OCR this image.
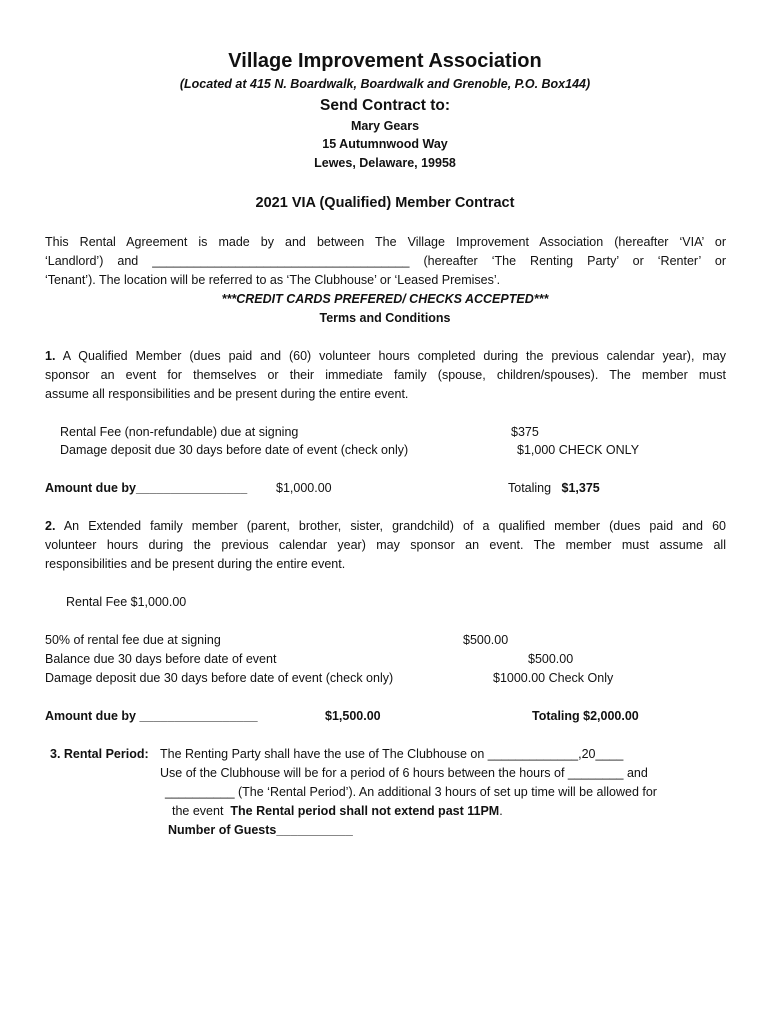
Village Improvement Association
(Located at 415 N. Boardwalk, Boardwalk and Grenoble, P.O. Box144)
Send Contract to:
Mary Gears
15 Autumnwood Way
Lewes, Delaware, 19958
2021 VIA (Qualified) Member Contract
This Rental Agreement is made by and between The Village Improvement Association (hereafter ‘VIA’ or
‘Landlord’) and _____________________________________ (hereafter ‘The Renting Party’ or ‘Renter’ or
‘Tenant’). The location will be referred to as ‘The Clubhouse’ or ‘Leased Premises’.
***CREDIT CARDS PREFERED/ CHECKS ACCEPTED***
Terms and Conditions
1. A Qualified Member (dues paid and (60) volunteer hours completed during the previous calendar year), may
sponsor an event for themselves or their immediate family (spouse, children/spouses). The member must
assume all responsibilities and be present during the entire event.
Rental Fee (non-refundable) due at signing	$375
Damage deposit due 30 days before date of event (check only)	$1,000 CHECK ONLY
Amount due by________________ $1,000.00	Totaling $1,375
2. An Extended family member (parent, brother, sister, grandchild) of a qualified member (dues paid and 60
volunteer hours during the previous calendar year) may sponsor an event. The member must assume all
responsibilities and be present during the entire event.
Rental Fee $1,000.00
50% of rental fee due at signing	$500.00
Balance due 30 days before date of event	$500.00
Damage deposit due 30 days before date of event (check only)	$1000.00 Check Only
Amount due by _________________	$1,500.00	Totaling $2,000.00
3. Rental Period: The Renting Party shall have the use of The Clubhouse on _____________,20____
Use of the Clubhouse will be for a period of 6 hours between the hours of ________ and
__________ (The ‘Rental Period’). An additional 3 hours of set up time will be allowed for
the event The Rental period shall not extend past 11PM.
Number of Guests___________
